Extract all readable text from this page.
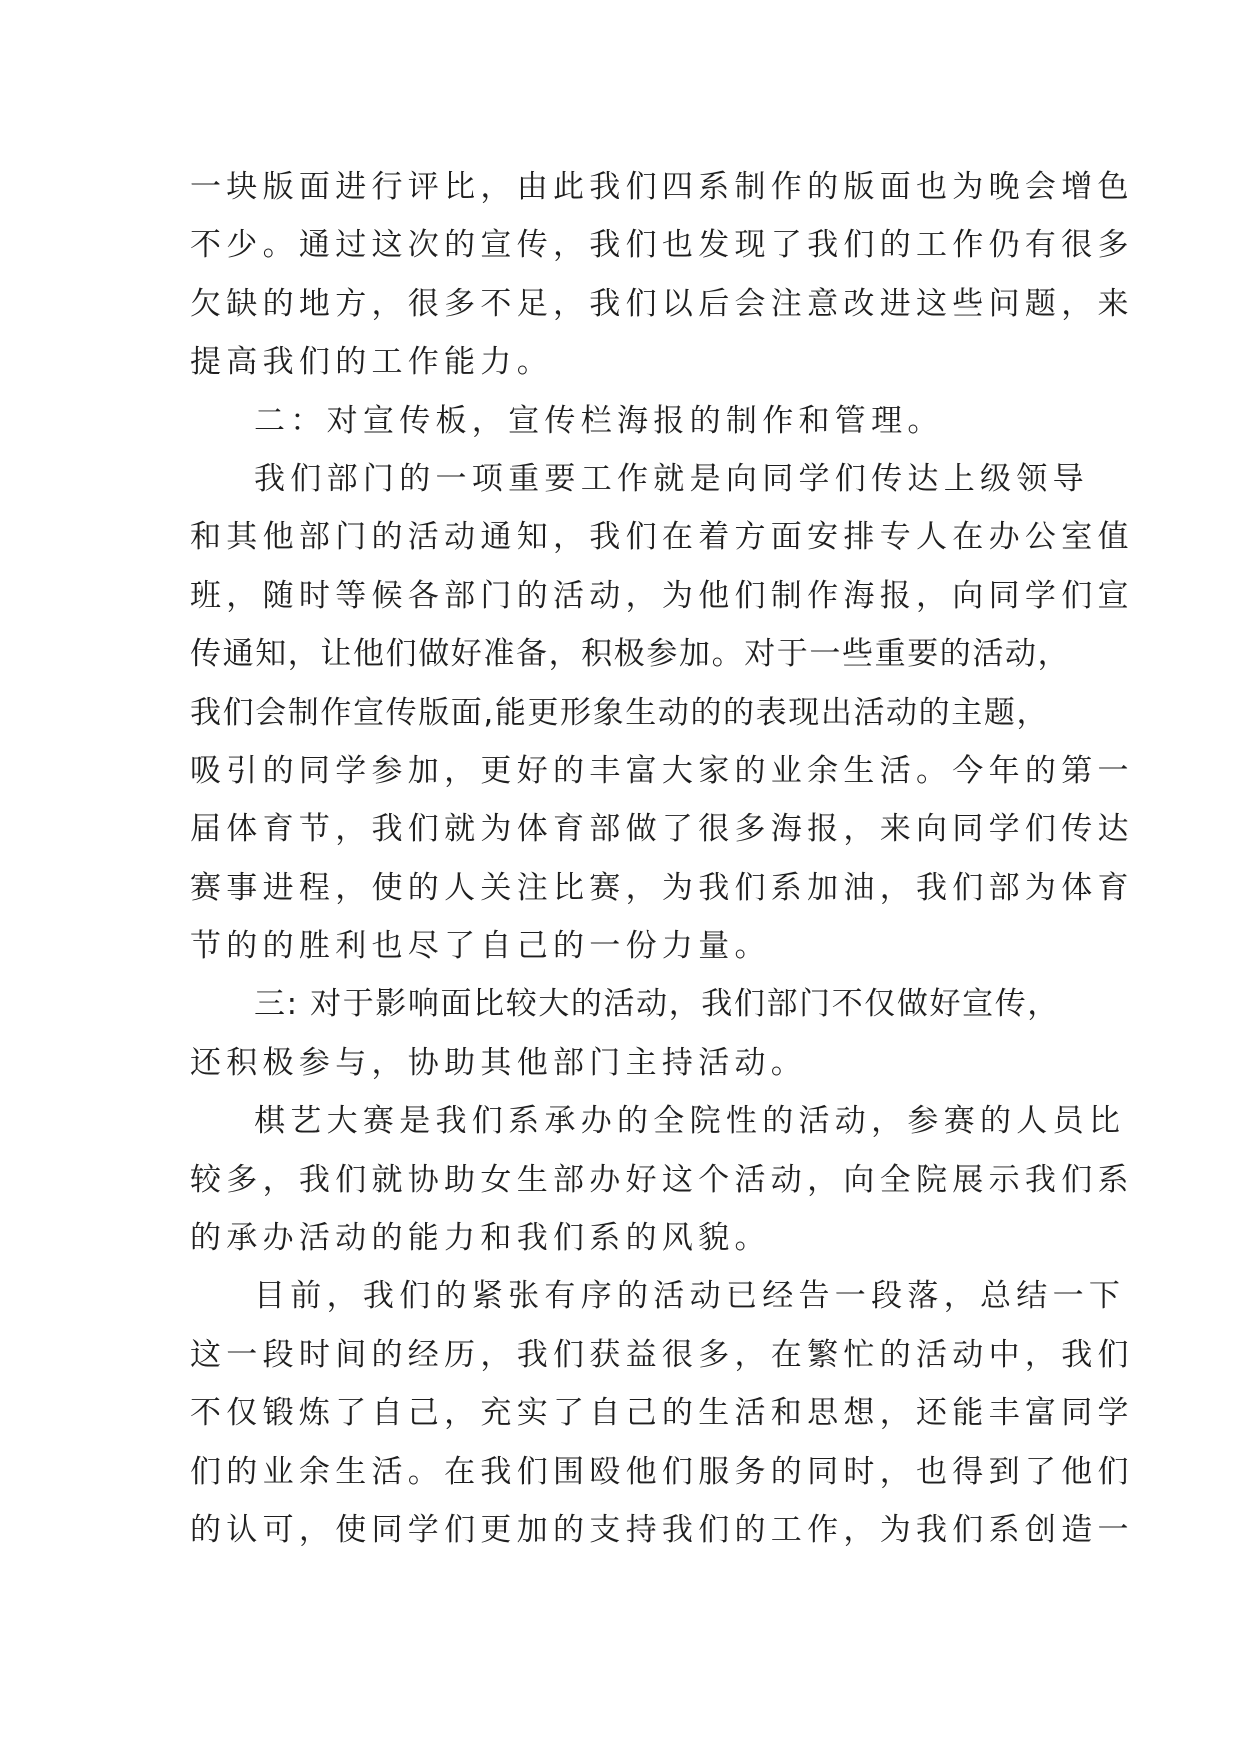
一块版面进行评比，由此我们四系制作的版面也为晚会增色
不少。通过这次的宣传，我们也发现了我们的工作仍有很多
欠缺的地方，很多不足，我们以后会注意改进这些问题，来
提高我们的工作能力。
二：对宣传板，宣传栏海报的制作和管理。
我们部门的一项重要工作就是向同学们传达上级领导
和其他部门的活动通知，我们在着方面安排专人在办公室值
班，随时等候各部门的活动，为他们制作海报，向同学们宣
传通知，让他们做好准备，积极参加。对于一些重要的活动，
我们会制作宣传版面,能更形象生动的的表现出活动的主题，
吸引的同学参加，更好的丰富大家的业余生活。今年的第一
届体育节，我们就为体育部做了很多海报，来向同学们传达
赛事进程，使的人关注比赛，为我们系加油，我们部为体育
节的的胜利也尽了自己的一份力量。
三: 对于影响面比较大的活动，我们部门不仅做好宣传，
还积极参与，协助其他部门主持活动。
棋艺大赛是我们系承办的全院性的活动，参赛的人员比
较多，我们就协助女生部办好这个活动，向全院展示我们系
的承办活动的能力和我们系的风貌。
目前，我们的紧张有序的活动已经告一段落，总结一下
这一段时间的经历，我们获益很多，在繁忙的活动中，我们
不仅锻炼了自己，充实了自己的生活和思想，还能丰富同学
们的业余生活。在我们围殴他们服务的同时，也得到了他们
的认可，使同学们更加的支持我们的工作，为我们系创造一
